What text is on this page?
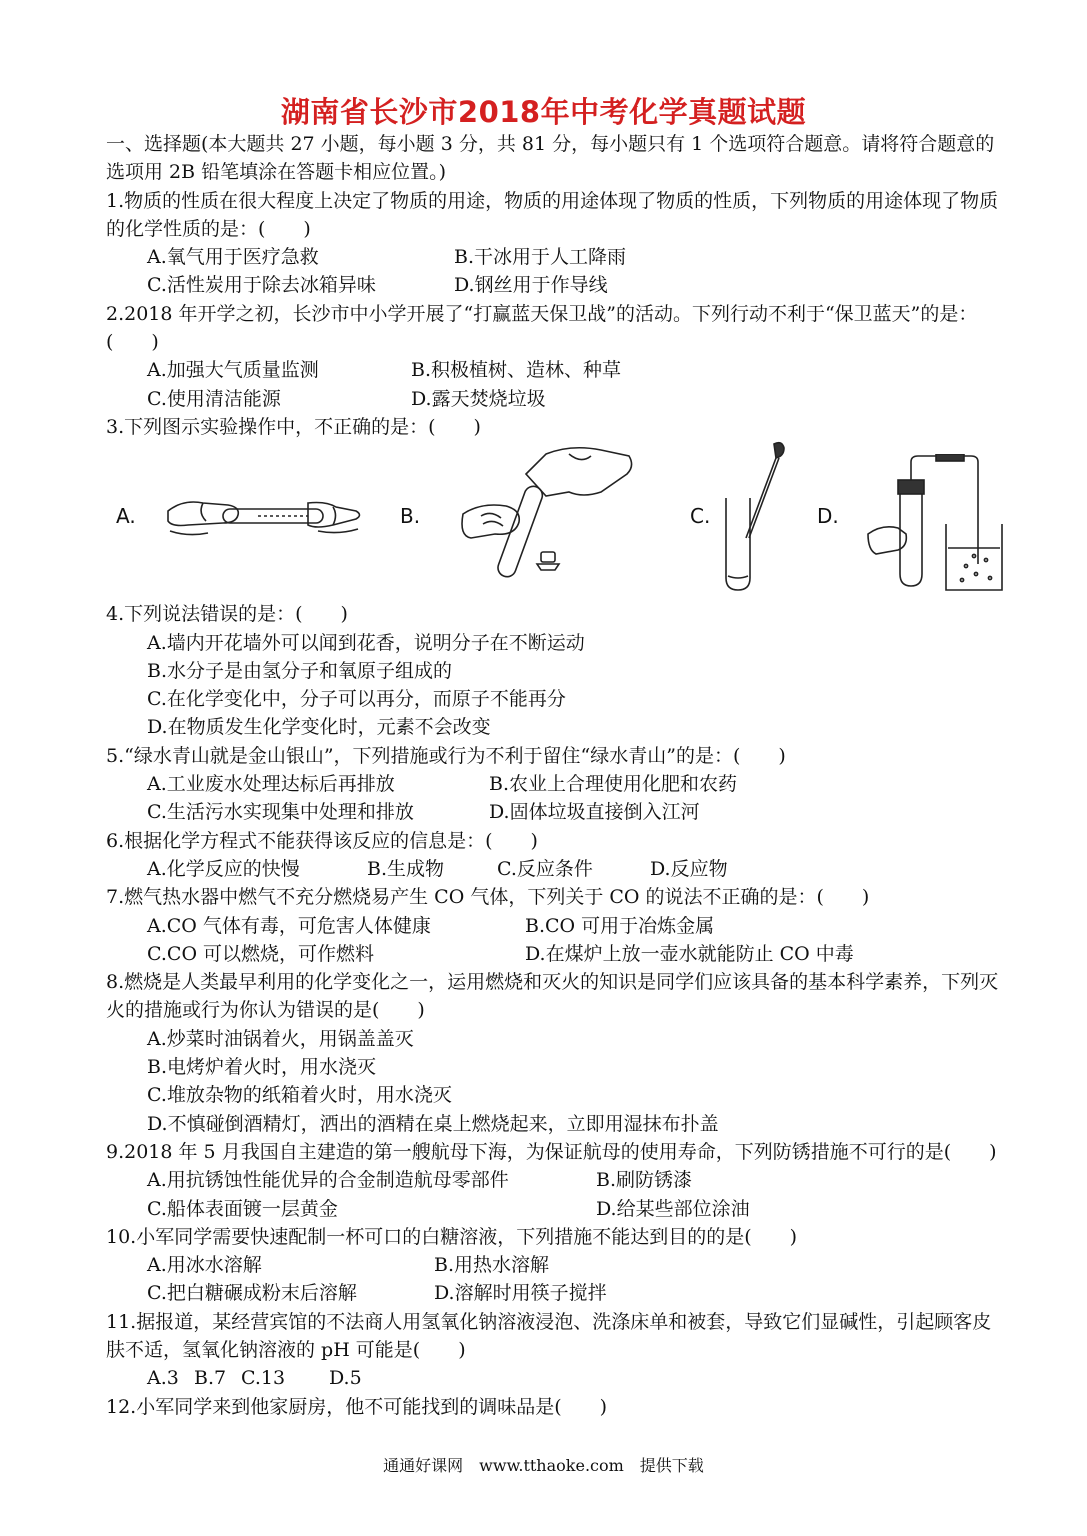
湖南省长沙市2018年中考化学真题试题
一、选择题(本大题共 27 小题，每小题 3 分，共 81 分，每小题只有 1 个选项符合题意。请将符合题意的选项用 2B 铅笔填涂在答题卡相应位置。)
1.物质的性质在很大程度上决定了物质的用途，物质的用途体现了物质的性质，下列物质的用途体现了物质的化学性质的是：(　　)
A.氧气用于医疗急救	B.干冰用于人工降雨
C.活性炭用于除去冰箱异味	D.钢丝用于作导线
2.2018 年开学之初，长沙市中小学开展了“打赢蓝天保卫战”的活动。下列行动不利于“保卫蓝天”的是：(　　)
A.加强大气质量监测	B.积极植树、造林、种草
C.使用清洁能源	D.露天焚烧垃圾
3.下列图示实验操作中，不正确的是：(　　)
A.	B.	C.	D.
4.下列说法错误的是：(　　)
A.墙内开花墙外可以闻到花香，说明分子在不断运动
B.水分子是由氢分子和氧原子组成的
C.在化学变化中，分子可以再分，而原子不能再分
D.在物质发生化学变化时，元素不会改变
5.“绿水青山就是金山银山”，下列措施或行为不利于留住“绿水青山”的是：(　　)
A.工业废水处理达标后再排放	B.农业上合理使用化肥和农药
C.生活污水实现集中处理和排放	D.固体垃圾直接倒入江河
6.根据化学方程式不能获得该反应的信息是：(　　)
A.化学反应的快慢	B.生成物	C.反应条件	D.反应物
7.燃气热水器中燃气不充分燃烧易产生 CO 气体，下列关于 CO 的说法不正确的是：(　　)
A.CO 气体有毒，可危害人体健康	B.CO 可用于冶炼金属
C.CO 可以燃烧，可作燃料	D.在煤炉上放一壶水就能防止 CO 中毒
8.燃烧是人类最早利用的化学变化之一，运用燃烧和灭火的知识是同学们应该具备的基本科学素养，下列灭火的措施或行为你认为错误的是(　　)
A.炒菜时油锅着火，用锅盖盖灭
B.电烤炉着火时，用水浇灭
C.堆放杂物的纸箱着火时，用水浇灭
D.不慎碰倒酒精灯，洒出的酒精在桌上燃烧起来，立即用湿抹布扑盖
9.2018 年 5 月我国自主建造的第一艘航母下海，为保证航母的使用寿命，下列防锈措施不可行的是(　　)
A.用抗锈蚀性能优异的合金制造航母零部件	B.刷防锈漆
C.船体表面镀一层黄金	D.给某些部位涂油
10.小军同学需要快速配制一杯可口的白糖溶液，下列措施不能达到目的的是(　　)
A.用冰水溶解	B.用热水溶解
C.把白糖碾成粉末后溶解	D.溶解时用筷子搅拌
11.据报道，某经营宾馆的不法商人用氢氧化钠溶液浸泡、洗涤床单和被套，导致它们显碱性，引起顾客皮肤不适，氢氧化钠溶液的 pH 可能是(　　)
A.3 B.7 C.13 D.5
12.小军同学来到他家厨房，他不可能找到的调味品是(　　)
通通好课网　www.tthaoke.com　提供下载
